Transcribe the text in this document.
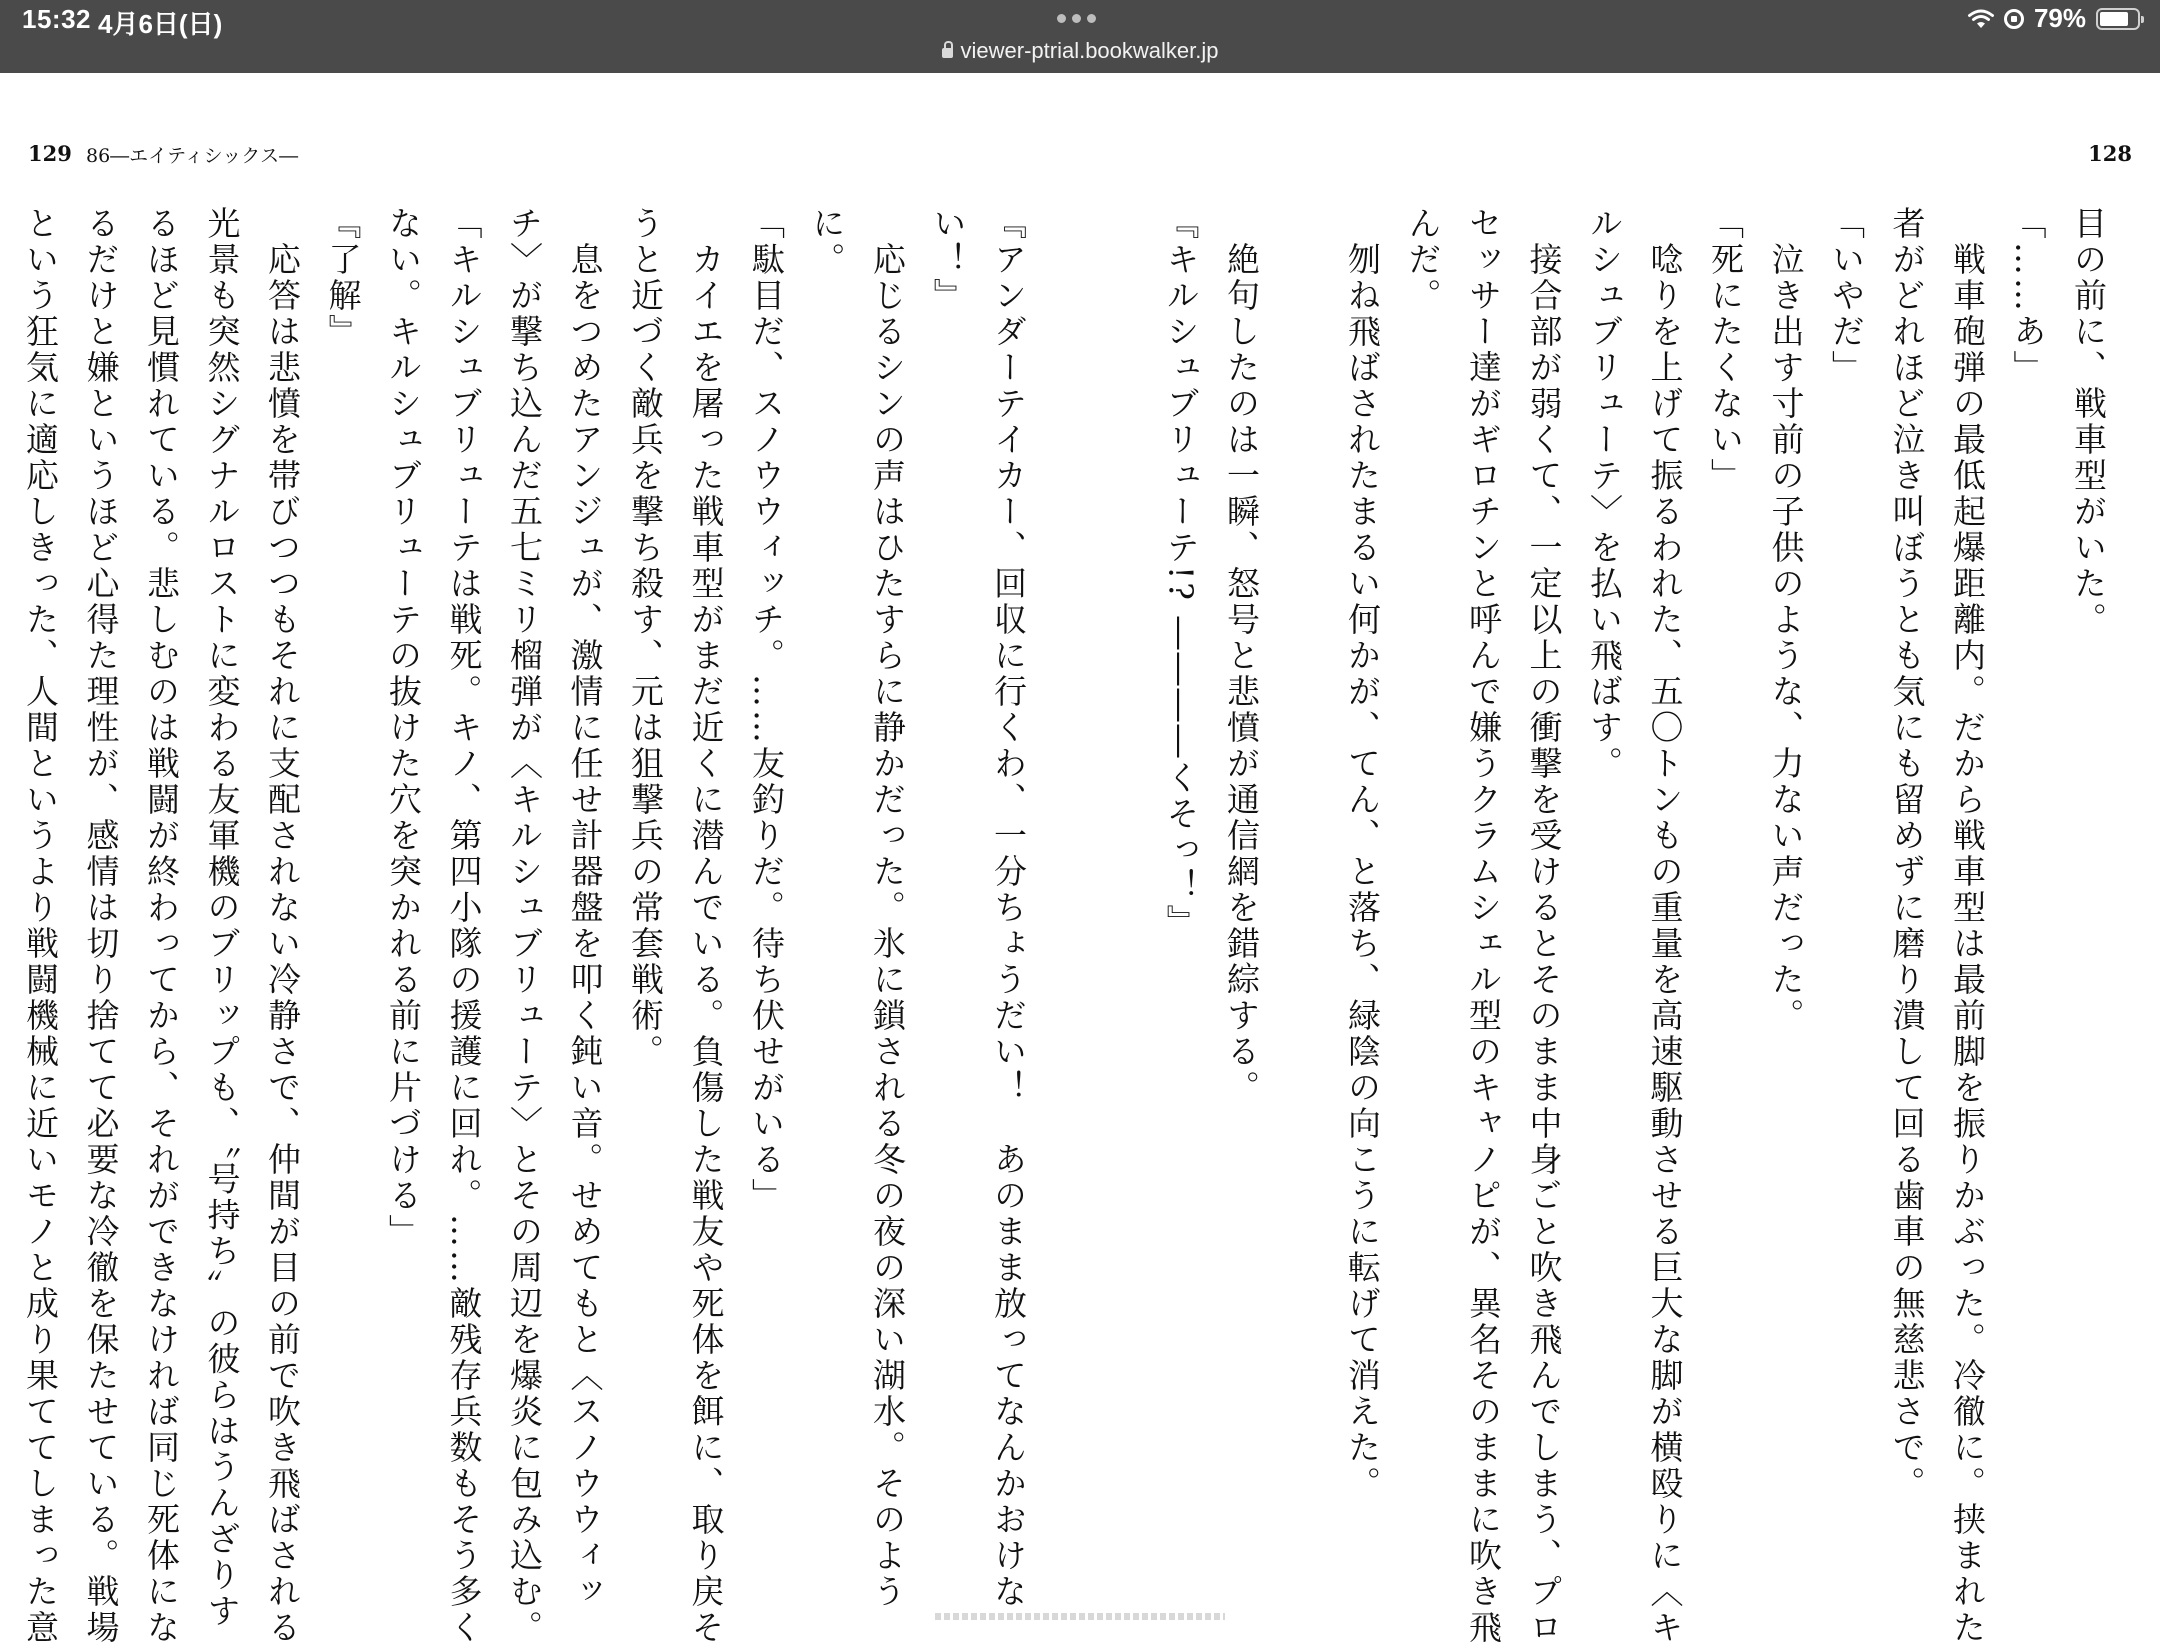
15:32 4月6日(日)
viewer-ptrial.bookwalker.jp
79%
129 86―エイティシックス―	128
目の前に、戦車型がいた。
「……あ」
　戦車砲弾の最低起爆距離内。だから戦車型は最前脚を振りかぶった。冷徹に。挟まれた
者がどれほど泣き叫ぼうとも気にも留めずに磨り潰して回る歯車の無慈悲さで。
「いやだ」
　泣き出す寸前の子供のような、力ない声だった。
「死にたくない」
　唸りを上げて振るわれた、五〇トンもの重量を高速駆動させる巨大な脚が横殴りに〈キ
ルシュブリューテ〉を払い飛ばす。
　接合部が弱くて、一定以上の衝撃を受けるとそのまま中身ごと吹き飛んでしまう、プロ
セッサー達がギロチンと呼んで嫌うクラムシェル型のキャノピが、異名そのままに吹き飛
んだ。
　刎ね飛ばされたまるい何かが、てん、と落ち、緑陰の向こうに転げて消えた。

　絶句したのは一瞬、怒号と悲憤が通信網を錯綜する。
『キルシュブリューテ!? ――――くそっ！』
『アンダーテイカー、回収に行くわ、一分ちょうだい！　あのまま放ってなんかおけな
い！』
　応じるシンの声はひたすらに静かだった。氷に鎖される冬の夜の深い湖水。そのよう
に。
「駄目だ、スノウウィッチ。……友釣りだ。待ち伏せがいる」
　カイエを屠った戦車型がまだ近くに潜んでいる。負傷した戦友や死体を餌に、取り戻そ
うと近づく敵兵を撃ち殺す、元は狙撃兵の常套戦術。
　息をつめたアンジュが、激情に任せ計器盤を叩く鈍い音。せめてもと〈スノウウィッ
チ〉が撃ち込んだ五七ミリ榴弾が〈キルシュブリューテ〉とその周辺を爆炎に包み込む。
「キルシュブリューテは戦死。キノ、第四小隊の援護に回れ。……敵残存兵数もそう多く
ない。キルシュブリューテの抜けた穴を突かれる前に片づける」
『了解』
　応答は悲憤を帯びつつもそれに支配されない冷静さで、仲間が目の前で吹き飛ばされる
光景も突然シグナルロストに変わる友軍機のブリップも、〝号持ち〟の彼らはうんざりす
るほど見慣れている。悲しむのは戦闘が終わってから、それができなければ同じ死体にな
るだけと嫌というほど心得た理性が、感情は切り捨てて必要な冷徹を保たせている。戦場
という狂気に適応しきった、人間というより戦闘機械に近いモノと成り果ててしまった意
